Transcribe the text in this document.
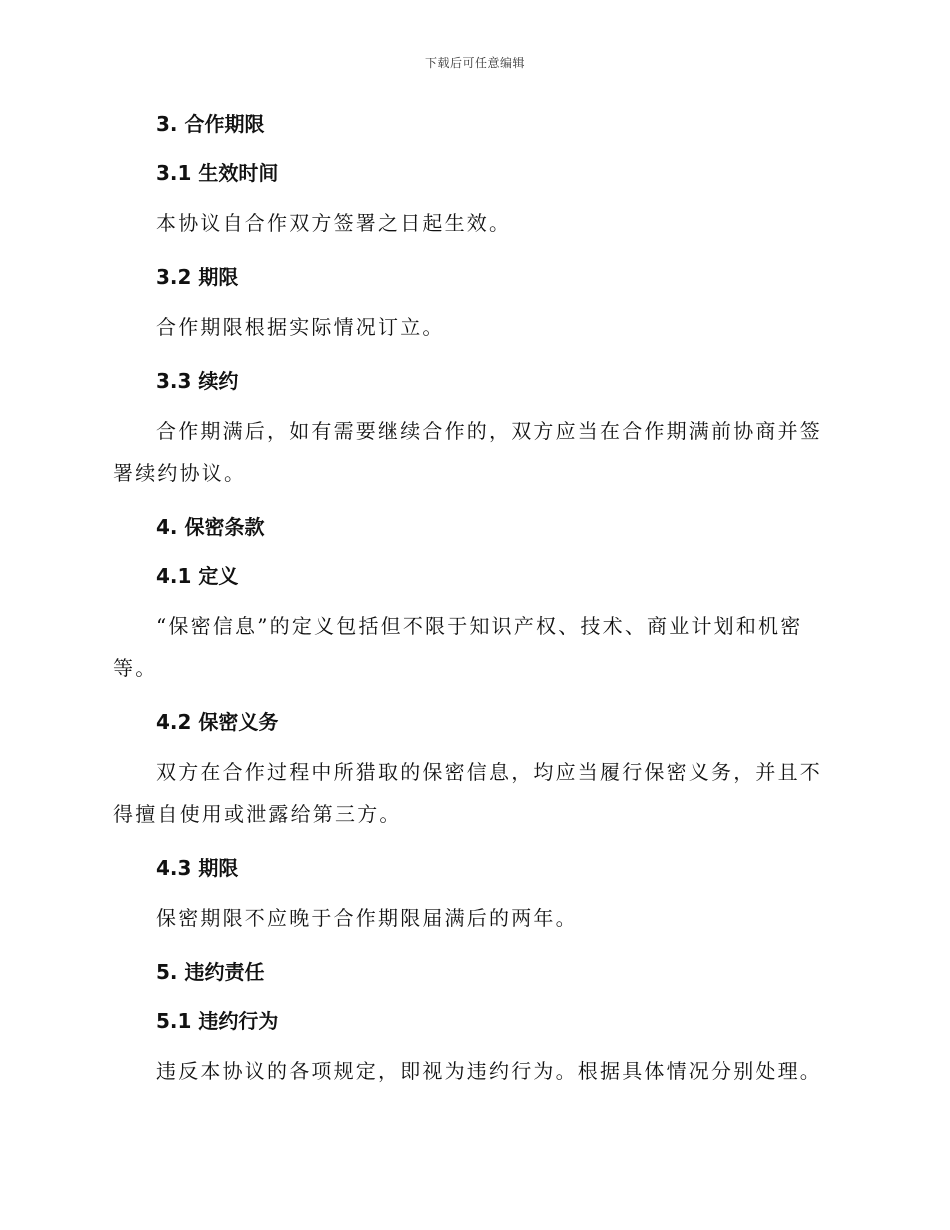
下载后可任意编辑
3. 合作期限
3.1 生效时间

本协议自合作双方签署之日起生效。

3.2 期限

合作期限根据实际情况订立。

3.3 续约

合作期满后，如有需要继续合作的，双方应当在合作期满前协商并签署续约协议。

4. 保密条款
4.1 定义

“保密信息”的定义包括但不限于知识产权、技术、商业计划和机密等。

4.2 保密义务

双方在合作过程中所猎取的保密信息，均应当履行保密义务，并且不得擅自使用或泄露给第三方。

4.3 期限

保密期限不应晚于合作期限届满后的两年。

5. 违约责任
5.1 违约行为

违反本协议的各项规定，即视为违约行为。根据具体情况分别处理。
